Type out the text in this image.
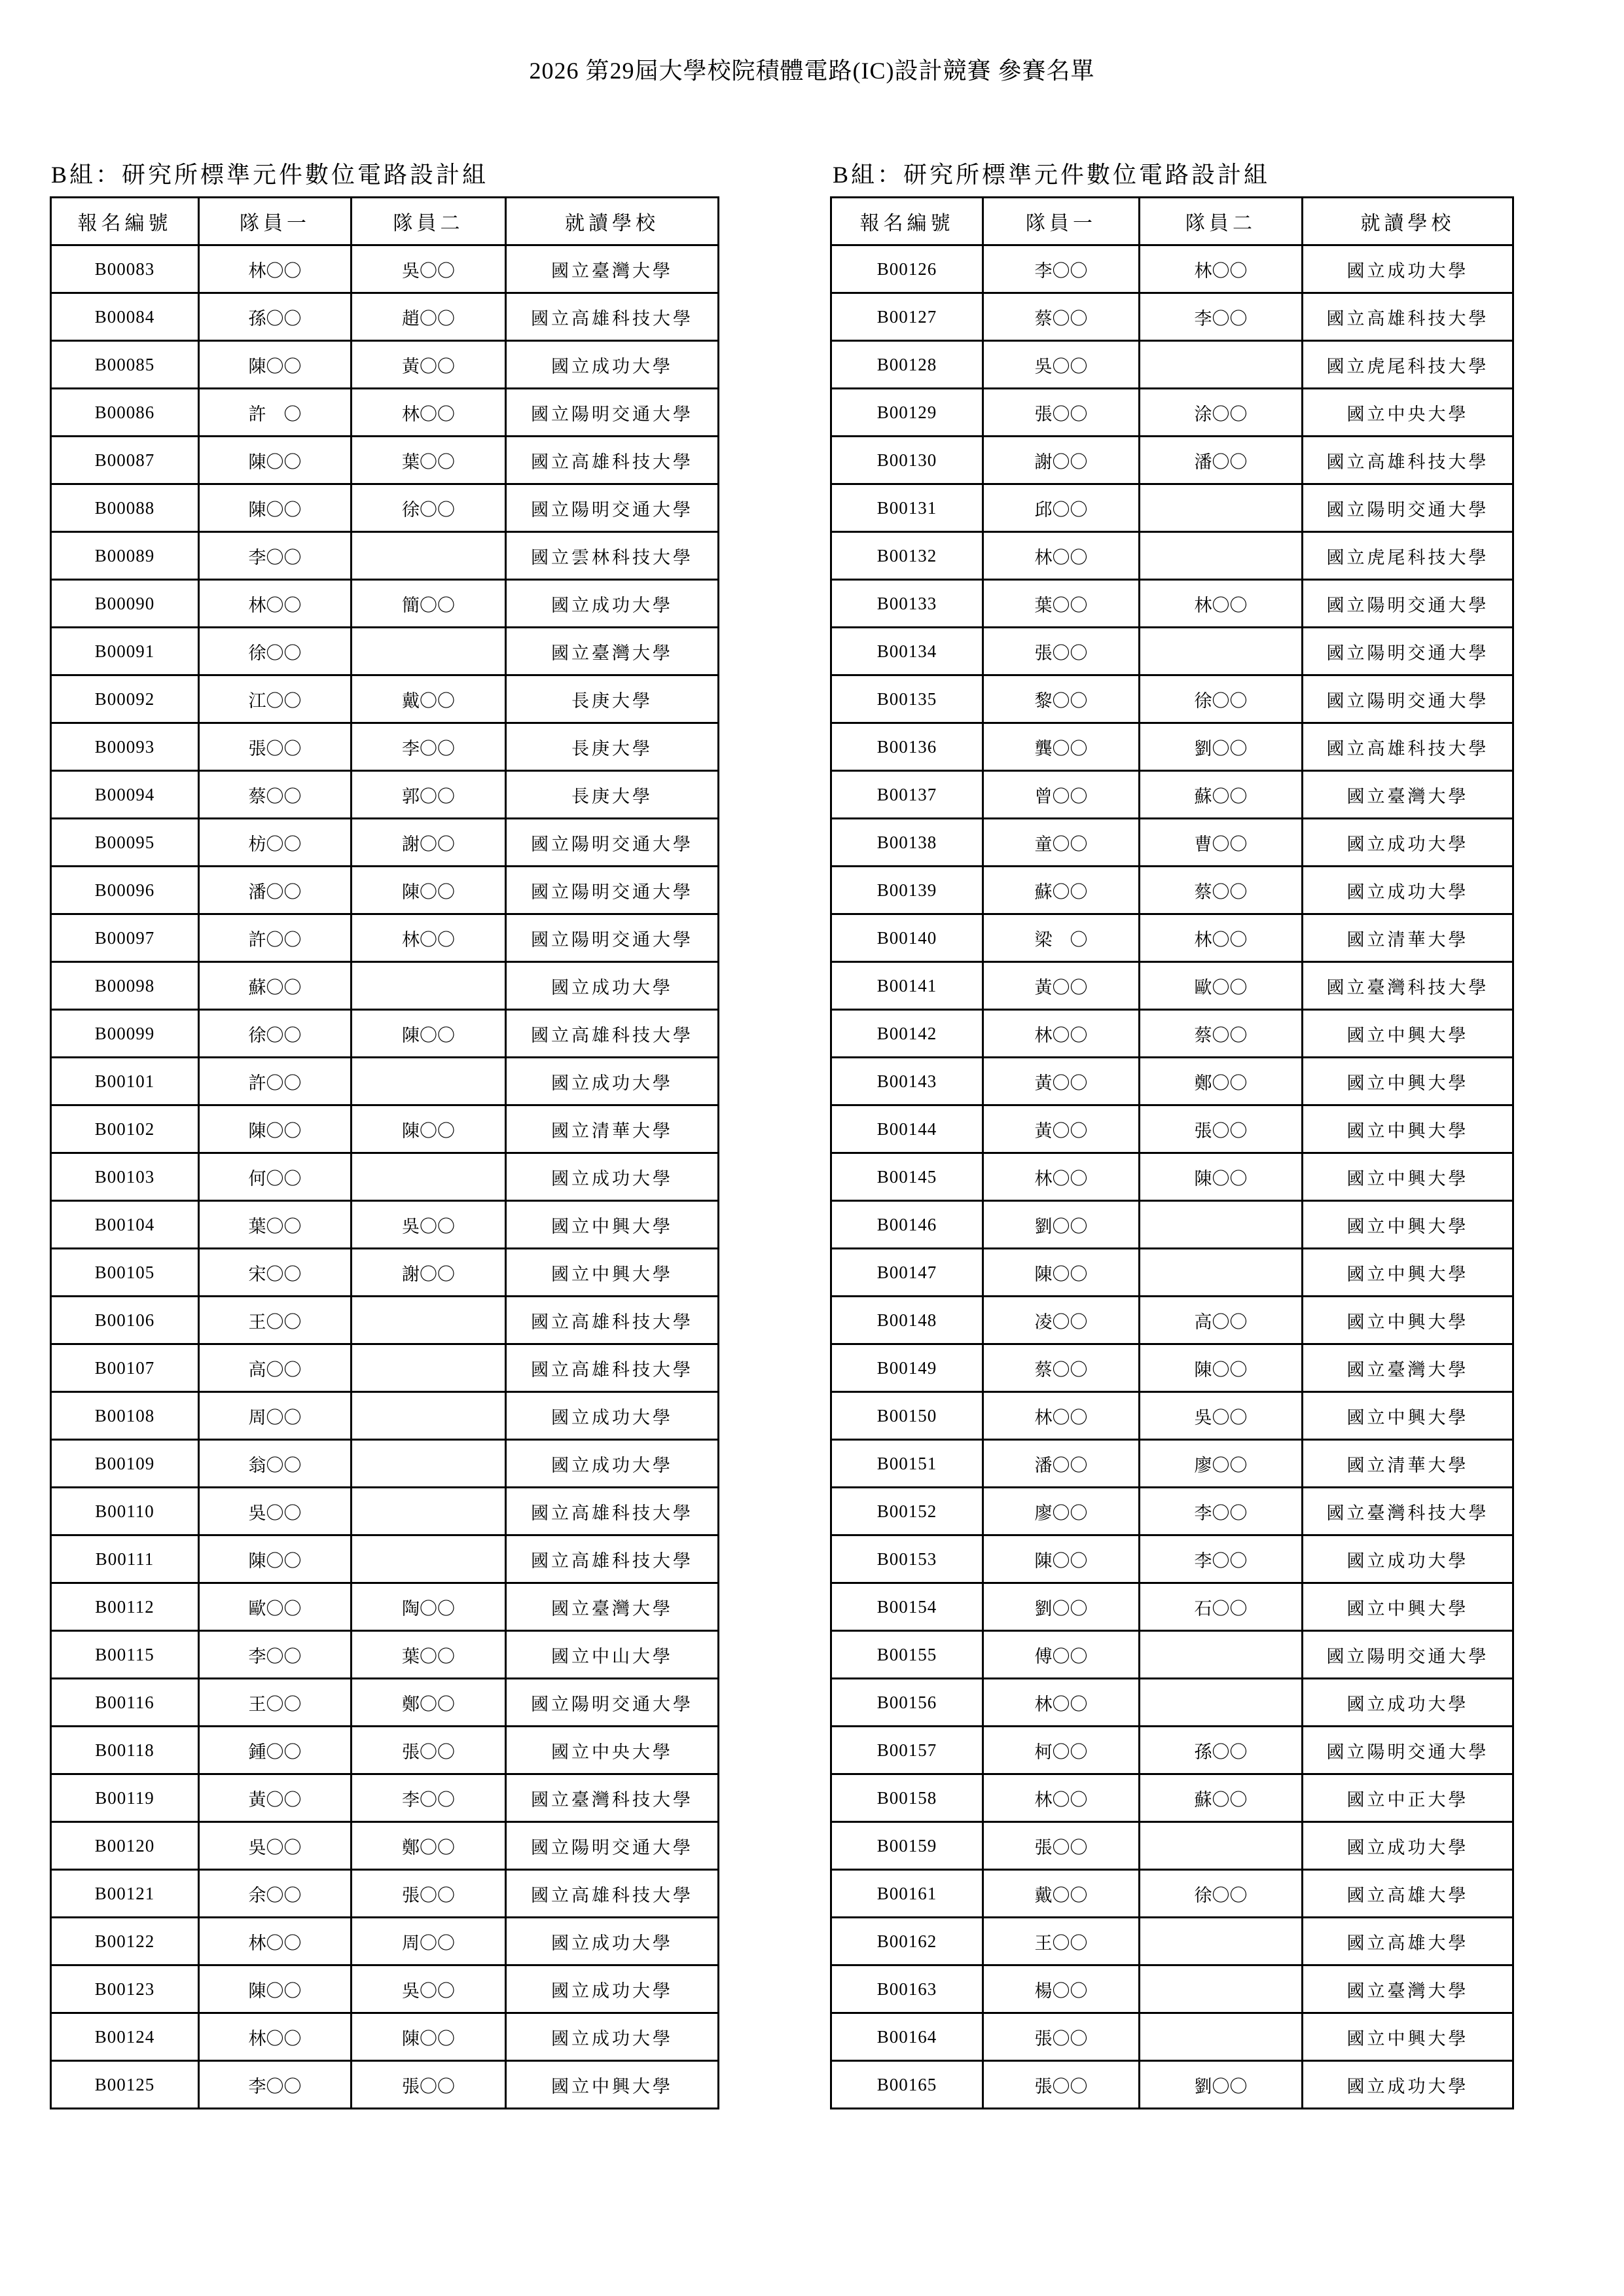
2026 第29屆大學校院積體電路(IC)設計競賽 參賽名單
B組：研究所標準元件數位電路設計組	B組：研究所標準元件數位電路設計組
報名編號	隊員一	隊員二	就讀學校
B00083	林〇〇	吳〇〇	國立臺灣大學
B00084	孫〇〇	趙〇〇	國立高雄科技大學
B00085	陳〇〇	黃〇〇	國立成功大學
B00086	許　〇	林〇〇	國立陽明交通大學
B00087	陳〇〇	葉〇〇	國立高雄科技大學
B00088	陳〇〇	徐〇〇	國立陽明交通大學
B00089	李〇〇		國立雲林科技大學
B00090	林〇〇	簡〇〇	國立成功大學
B00091	徐〇〇		國立臺灣大學
B00092	江〇〇	戴〇〇	長庚大學
B00093	張〇〇	李〇〇	長庚大學
B00094	蔡〇〇	郭〇〇	長庚大學
B00095	枋〇〇	謝〇〇	國立陽明交通大學
B00096	潘〇〇	陳〇〇	國立陽明交通大學
B00097	許〇〇	林〇〇	國立陽明交通大學
B00098	蘇〇〇		國立成功大學
B00099	徐〇〇	陳〇〇	國立高雄科技大學
B00101	許〇〇		國立成功大學
B00102	陳〇〇	陳〇〇	國立清華大學
B00103	何〇〇		國立成功大學
B00104	葉〇〇	吳〇〇	國立中興大學
B00105	宋〇〇	謝〇〇	國立中興大學
B00106	王〇〇		國立高雄科技大學
B00107	高〇〇		國立高雄科技大學
B00108	周〇〇		國立成功大學
B00109	翁〇〇		國立成功大學
B00110	吳〇〇		國立高雄科技大學
B00111	陳〇〇		國立高雄科技大學
B00112	歐〇〇	陶〇〇	國立臺灣大學
B00115	李〇〇	葉〇〇	國立中山大學
B00116	王〇〇	鄭〇〇	國立陽明交通大學
B00118	鍾〇〇	張〇〇	國立中央大學
B00119	黃〇〇	李〇〇	國立臺灣科技大學
B00120	吳〇〇	鄭〇〇	國立陽明交通大學
B00121	余〇〇	張〇〇	國立高雄科技大學
B00122	林〇〇	周〇〇	國立成功大學
B00123	陳〇〇	吳〇〇	國立成功大學
B00124	林〇〇	陳〇〇	國立成功大學
B00125	李〇〇	張〇〇	國立中興大學
報名編號	隊員一	隊員二	就讀學校
B00126	李〇〇	林〇〇	國立成功大學
B00127	蔡〇〇	李〇〇	國立高雄科技大學
B00128	吳〇〇		國立虎尾科技大學
B00129	張〇〇	涂〇〇	國立中央大學
B00130	謝〇〇	潘〇〇	國立高雄科技大學
B00131	邱〇〇		國立陽明交通大學
B00132	林〇〇		國立虎尾科技大學
B00133	葉〇〇	林〇〇	國立陽明交通大學
B00134	張〇〇		國立陽明交通大學
B00135	黎〇〇	徐〇〇	國立陽明交通大學
B00136	龔〇〇	劉〇〇	國立高雄科技大學
B00137	曾〇〇	蘇〇〇	國立臺灣大學
B00138	童〇〇	曹〇〇	國立成功大學
B00139	蘇〇〇	蔡〇〇	國立成功大學
B00140	梁　〇	林〇〇	國立清華大學
B00141	黃〇〇	歐〇〇	國立臺灣科技大學
B00142	林〇〇	蔡〇〇	國立中興大學
B00143	黃〇〇	鄭〇〇	國立中興大學
B00144	黃〇〇	張〇〇	國立中興大學
B00145	林〇〇	陳〇〇	國立中興大學
B00146	劉〇〇		國立中興大學
B00147	陳〇〇		國立中興大學
B00148	凌〇〇	高〇〇	國立中興大學
B00149	蔡〇〇	陳〇〇	國立臺灣大學
B00150	林〇〇	吳〇〇	國立中興大學
B00151	潘〇〇	廖〇〇	國立清華大學
B00152	廖〇〇	李〇〇	國立臺灣科技大學
B00153	陳〇〇	李〇〇	國立成功大學
B00154	劉〇〇	石〇〇	國立中興大學
B00155	傅〇〇		國立陽明交通大學
B00156	林〇〇		國立成功大學
B00157	柯〇〇	孫〇〇	國立陽明交通大學
B00158	林〇〇	蘇〇〇	國立中正大學
B00159	張〇〇		國立成功大學
B00161	戴〇〇	徐〇〇	國立高雄大學
B00162	王〇〇		國立高雄大學
B00163	楊〇〇		國立臺灣大學
B00164	張〇〇		國立中興大學
B00165	張〇〇	劉〇〇	國立成功大學
